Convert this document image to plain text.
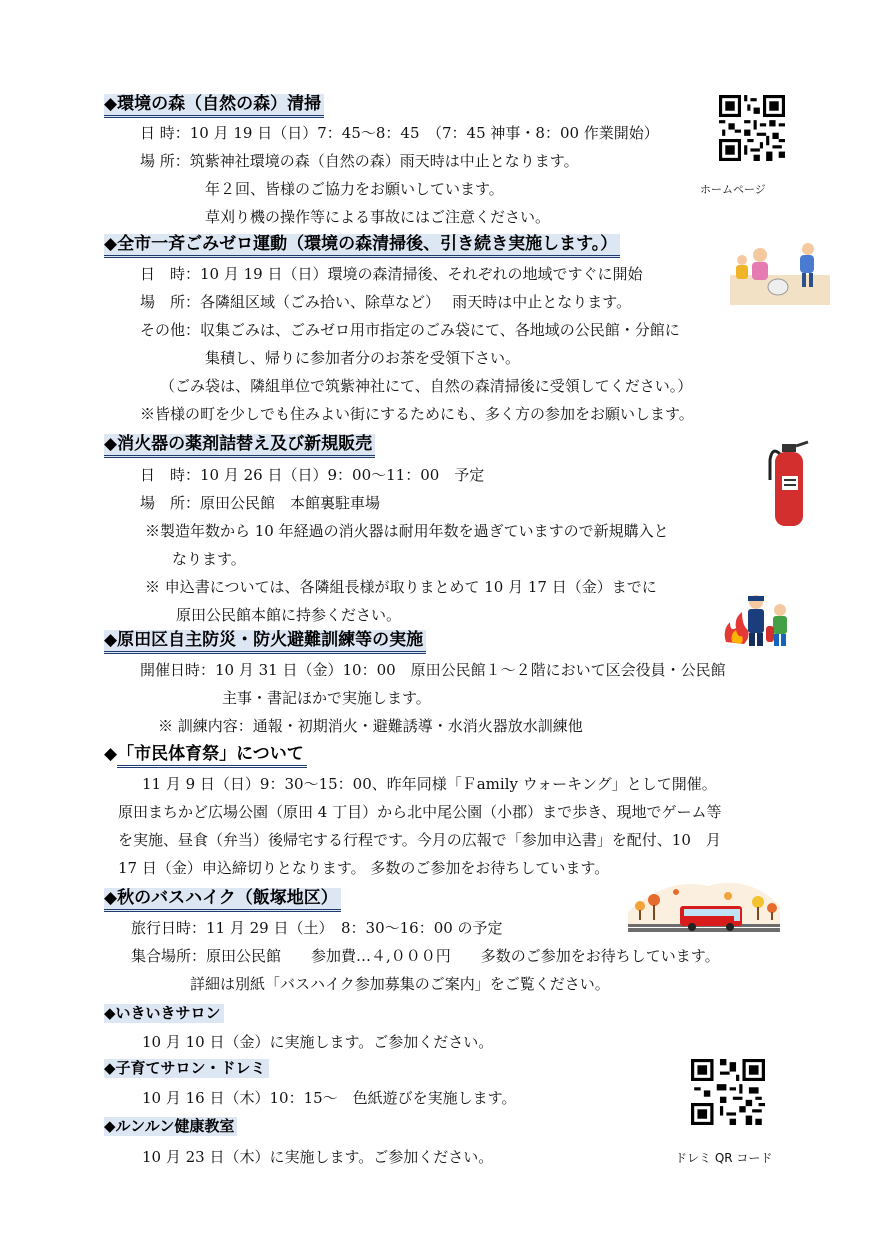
◆環境の森（自然の森）清掃
日 時：10 月 19 日（日）7：45～8：45　（7：45 神事・8：00 作業開始）
場 所：筑紫神社環境の森（自然の森）雨天時は中止となります。
年２回、皆様のご協力をお願いしています。
草刈り機の操作等による事故にはご注意ください。
ホームページ
◆全市一斉ごみゼロ運動（環境の森清掃後、引き続き実施します。）
日　時：10 月 19 日（日）環境の森清掃後、それぞれの地域ですぐに開始
場　所：各隣組区域（ごみ拾い、除草など）　 雨天時は中止となります。
その他：収集ごみは、ごみゼロ用市指定のごみ袋にて、各地域の公民館・分館に
集積し、帰りに参加者分のお茶を受領下さい。
（ごみ袋は、隣組単位で筑紫神社にて、自然の森清掃後に受領してください。）
※皆様の町を少しでも住みよい街にするためにも、多く方の参加をお願いします。
◆消火器の薬剤詰替え及び新規販売
日　時：10 月 26 日（日）9：00～11：00　予定
場　所：原田公民館　本館裏駐車場
※製造年数から 10 年経過の消火器は耐用年数を過ぎていますので新規購入と
なります。
※ 申込書については、各隣組長様が取りまとめて 10 月 17 日（金）までに
原田公民館本館に持参ください。
◆原田区自主防災・防火避難訓練等の実施
開催日時：10 月 31 日（金）10：00　原田公民館１～２階において区会役員・公民館
主事・書記ほかで実施します。
※ 訓練内容：通報・初期消火・避難誘導・水消火器放水訓練他
◆「市民体育祭」について
11 月 9 日（日）9：30～15：00、昨年同様「Ｆamily ウォーキング」として開催。
原田まちかど広場公園（原田 4 丁目）から北中尾公園（小郡）まで歩き、現地でゲーム等
を実施、昼食（弁当）後帰宅する行程です。今月の広報で「参加申込書」を配付、10　月
17 日（金）申込締切りとなります。 多数のご参加をお待ちしています。
◆秋のバスハイク（飯塚地区）
旅行日時：11 月 29 日（土）　8：30～16：00 の予定
集合場所：原田公民館　　参加費…４,０００円　　多数のご参加をお待ちしています。
詳細は別紙「バスハイク参加募集のご案内」をご覧ください。
◆いきいきサロン
10 月 10 日（金）に実施します。ご参加ください。
◆子育てサロン・ドレミ
10 月 16 日（木）10：15～　色紙遊びを実施します。
ドレミ QR コード
◆ルンルン健康教室
10 月 23 日（木）に実施します。ご参加ください。
